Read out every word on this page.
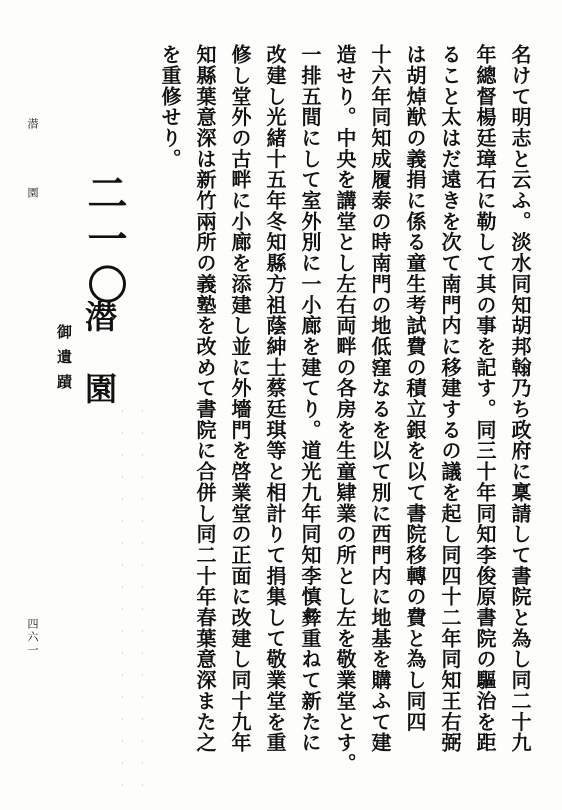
名けて明志と云ふ。淡水同知胡邦翰乃ち政府に稟請して書院と為し同二十九
年總督楊廷璋石に勒して其の事を記す。同三十年同知李俊原書院の驅治を距
ること太はだ遠きを次て南門内に移建するの議を起し同四十二年同知王右弼
は胡焯猷の義捐に係る童生考試費の積立銀を以て書院移轉の費と為し同四
十六年同知成履泰の時南門の地低窪なるを以て別に西門内に地基を購ふて建
造せり。中央を講堂とし左右両畔の各房を生童肄業の所とし左を敬業堂とす。
一排五間にして室外別に一小廊を建てり。道光九年同知李慎彜重ねて新たに
改建し光緒十五年冬知縣方祖蔭紳士蔡廷琪等と相計りて捐集して敬業堂を重
修し堂外の古畔に小廊を添建し並に外墻門を啓業堂の正面に改建し同十九年
知縣葉意深は新竹兩所の義塾を改めて書院に合併し同二十年春葉意深また之
を重修せり。
二一〇
潜園
御遺蹟
潜園
四六一
